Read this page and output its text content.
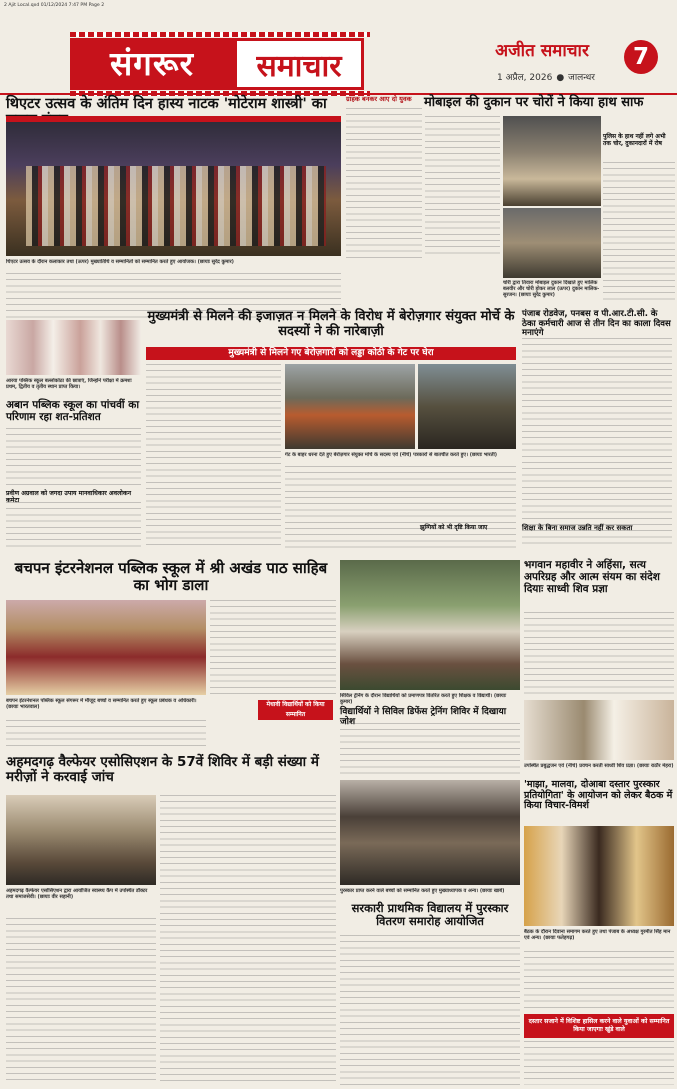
2 Ajit Local.qxd 01/12/2024 7:47 PM Page 2
संगरूर	समाचार	अजीत समाचार	7
1 अप्रैल, 2026 ● जालन्धर
थिएटर उत्सव के अंतिम दिन हास्य नाटक 'मोटेराम शास्त्री' का
थिएटर उत्सव के दौरान कलाकार तथा (ऊपर) मुख्यातिथि व सम्मानितों को सम्मानित करते हुए आयोजक। (छायाः सुरेंद्र कुमार)
ग्राहक बनकर आए दो युवक मोबाइल की दुकान पर चोरों ने किया हाथ साफ
चोरी द्वारा तिवारा मोबाइल दुकान दिखाते हुए मालिक बलवीर और चोरी होकर लाल (ऊपर) दुकान मालिक-सुरजन। (छायाः सुरेंद्र कुमार)
पुलिस के हाथ नहीं लगे अभी तक चोर, दुकानदारों में रोष
आरया पब्लिक स्कूल बल्लोकोठा की छात्राएं, जिन्होंने परीक्षा में क्रमशः प्रथम, द्वितीय व तृतीय स्थान प्राप्त किया।
अबान पब्लिक स्कूल का पांचवीं का परिणाम रहा शत-प्रतिशत
प्रवीण अग्रवाल को जगदा उपाय मानवाधिकार अवलोकन कमेटा
मुख्यमंत्री से मिलने की इजाज़त न मिलने के विरोध में बेरोज़गार संयुक्त मोर्चे के सदस्यों ने की नारेबाज़ी
मुख्यमंत्री से मिलने गए बेरोज़गारों को लड्डा कोठी के गेट पर घेरा
गेट के बाहर धरना देते हुए बेरोज़गार संयुक्त मोर्चे के सदस्य एवं (नीचे) पत्रकारों से बातचीत करते हुए। (छायाः भारती)
पंजाब रोडवेज, पनबस व पी.आर.टी.सी. के ठेका कर्मचारी आज से तीन दिन का काला दिवस मनाएंगे
झुग्गियों को भी दृष्टि किया जाए	शिक्षा के बिना समाज उन्नति नहीं कर सकता
बचपन इंटरनेशनल पब्लिक स्कूल में श्री अखंड पाठ साहिब का भोग डाला
बचपन इंटरनेशनल पब्लिक स्कूल संगरूर में मौजूद बच्चों व सम्मानित करते हुए स्कूल प्रबंधक व अधिकारी। (छायाः भारतवाल)	मेधावी विद्यार्थियों को किया सम्मानित
सिविल ट्रेनिंग के दौरान विद्यार्थियों को प्रमाणपत्र वितरित करते हुए शिक्षक व विद्यार्थी। (छायाः कुमार)
विद्यार्थियों ने सिविल डिफेंस ट्रेनिंग शिविर में दिखाया जोश
भगवान महावीर ने अहिंसा, सत्य अपरिग्रह और आत्म संयम का संदेश दियाः साध्वी शिव प्रज्ञा
उपस्थित प्रबुद्धजन एवं (नीचे) प्रवचन करती साध्वी शिव प्रज्ञा। (छायाः राठौर मेहरा)
अहमदगढ़ वैल्फेयर एसोसिएशन के 57वें शिविर में बड़ी संख्या में मरीज़ों ने करवाई जांच
अहमदगढ़ वैल्फेयर एसोसिएशन द्वारा आयोजित स्वास्थ्य कैंप में उपस्थित डॉक्टर तथा समाजसेवी। (छायाः वीर सहानी)
पुरस्कार प्राप्त करने वाले बच्चों को सम्मानित करते हुए मुख्याध्यापक व अन्य। (छायाः खाबे)
सरकारी प्राथमिक विद्यालय में पुरस्कार वितरण समारोह आयोजित
'माझा, मालवा, दोआबा दस्तार पुरस्कार प्रतियोगिता' के आयोजन को लेकर बैठक में किया विचार-विमर्श
बैठक के दौरान दिवाना समागम करते हुए तथा पंजाब के अध्यक्ष गुरमीत सिंह मान एवं अन्य। (छायाः फतेहगढ़)
दस्तार सजाने में विशिष्ट हासिल करने वाले युवाओं को सम्मानित किया जाएगाः खुंडे वाले
